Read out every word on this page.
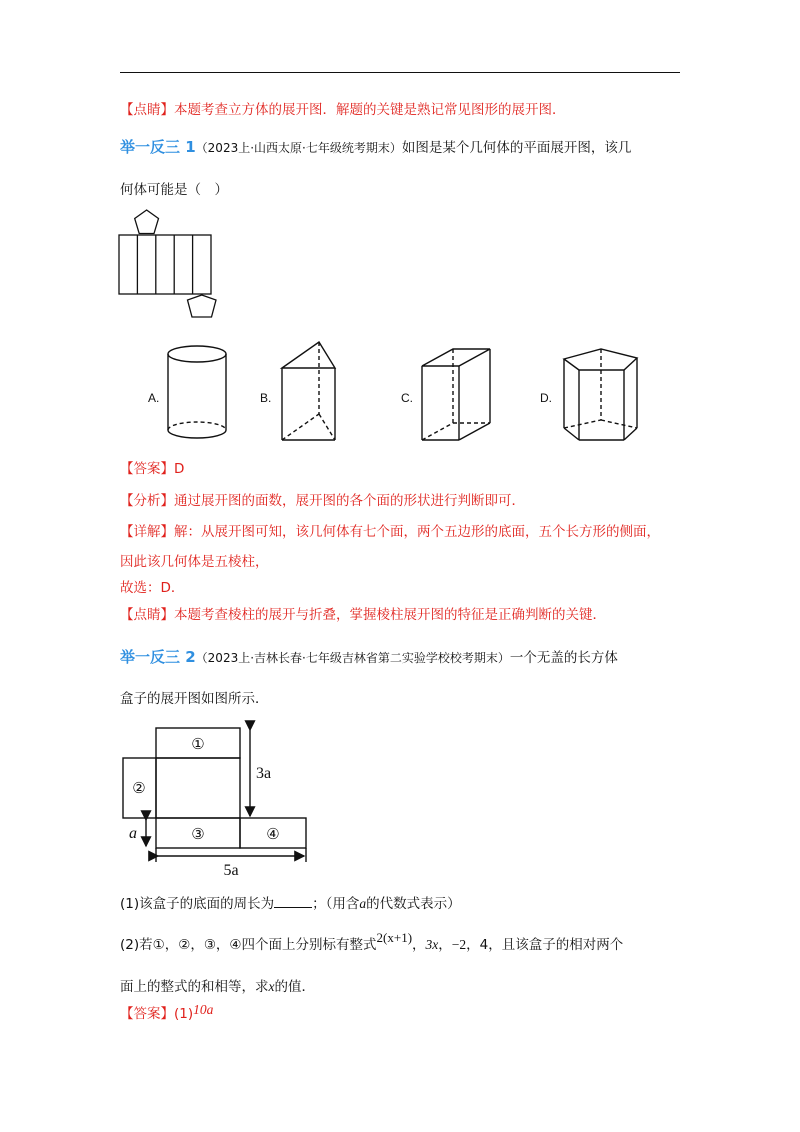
【点睛】本题考查立方体的展开图．解题的关键是熟记常见图形的展开图．
举一反三 1（2023上·山西太原·七年级统考期末）如图是某个几何体的平面展开图，该几
何体可能是（　）
A.	B.	C.	D.
【答案】D
【分析】通过展开图的面数，展开图的各个面的形状进行判断即可．
【详解】解：从展开图可知，该几何体有七个面，两个五边形的底面，五个长方形的侧面，
因此该几何体是五棱柱，
故选：D．
【点睛】本题考查棱柱的展开与折叠，掌握棱柱展开图的特征是正确判断的关键．
举一反三 2（2023上·吉林长春·七年级吉林省第二实验学校校考期末）一个无盖的长方体
盒子的展开图如图所示．
①
②
③	④
3a
a
5a
(1)该盒子的底面的周长为	；（用含a的代数式表示）
(2)若①，②，③，④四个面上分别标有整式2(x+1)，3x，−2，4，且该盒子的相对两个
面上的整式的和相等，求x的值．
【答案】(1)10a
